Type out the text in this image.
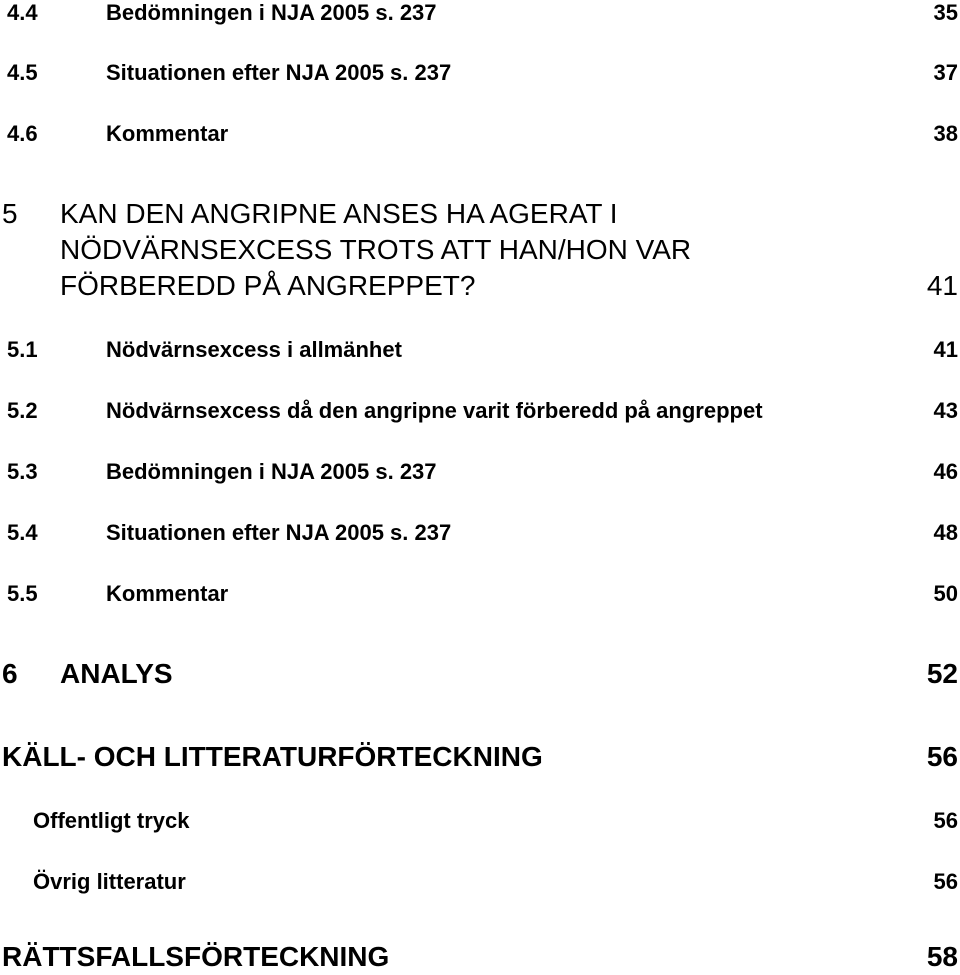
4.4	Bedömningen i NJA 2005 s. 237	35
4.5	Situationen efter NJA 2005 s. 237	37
4.6	Kommentar	38
5 KAN DEN ANGRIPNE ANSES HA AGERAT I
NÖDVÄRNSEXCESS TROTS ATT HAN/HON VAR
FÖRBEREDD PÅ ANGREPPET?	41
5.1	Nödvärnsexcess i allmänhet	41
5.2	Nödvärnsexcess då den angripne varit förberedd på angreppet	43
5.3	Bedömningen i NJA 2005 s. 237	46
5.4	Situationen efter NJA 2005 s. 237	48
5.5	Kommentar	50
6 ANALYS	52
KÄLL- OCH LITTERATURFÖRTECKNING	56
Offentligt tryck	56
Övrig litteratur	56
RÄTTSFALLSFÖRTECKNING	58
